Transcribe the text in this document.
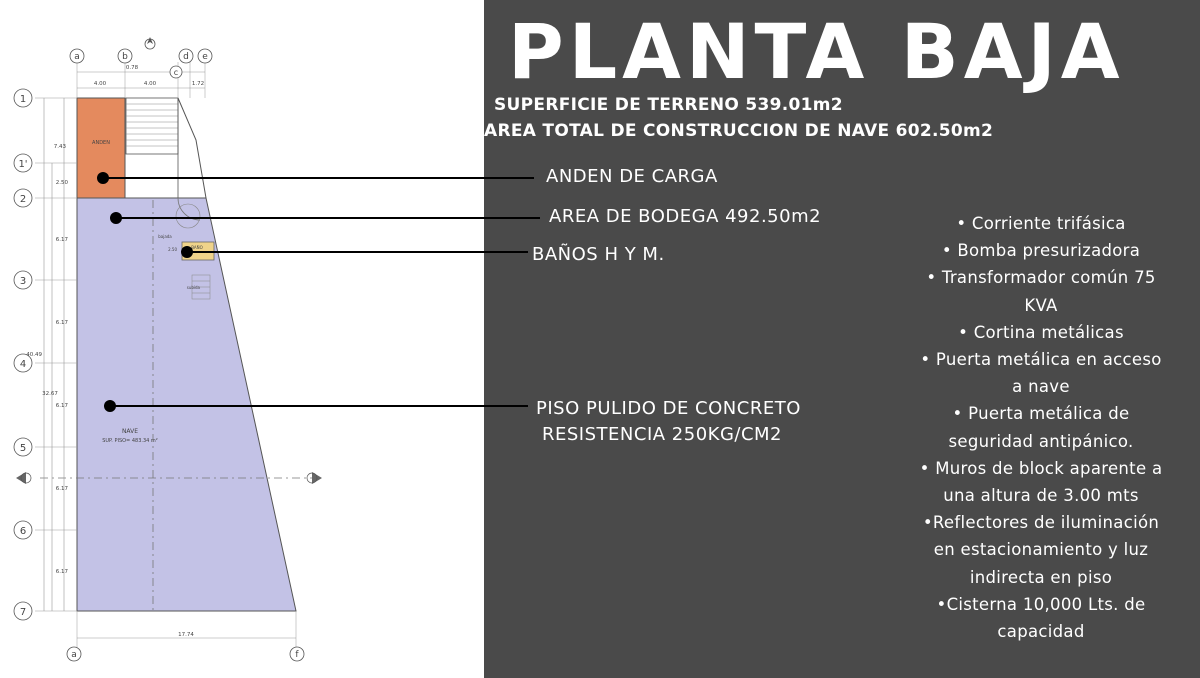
a	b
c
d e
a	f
1
1'
2
3
4
5
6
7
4.00
0.78
4.00	1.72
7.43
2.50
6.17
6.17
6.17
6.17
6.17
40.49
32.67
17.74
ANDEN
NAVE
SUP. PISO= 483.34 m²
BAÑO
subida
bajada
2.50
PLANTA BAJA
SUPERFICIE DE TERRENO 539.01m2
AREA TOTAL DE CONSTRUCCION DE NAVE 602.50m2
ANDEN DE CARGA
AREA DE BODEGA 492.50m2
BAÑOS H Y M.
PISO PULIDO DE CONCRETO
RESISTENCIA 250KG/CM2
• Corriente trifásica
• Bomba presurizadora
• Transformador común 75
KVA
• Cortina metálicas
• Puerta metálica en acceso
a nave
• Puerta metálica de
seguridad antipánico.
• Muros de block aparente a
una altura de 3.00 mts
•Reflectores de iluminación
en estacionamiento y luz
indirecta en piso
•Cisterna 10,000 Lts. de
capacidad
